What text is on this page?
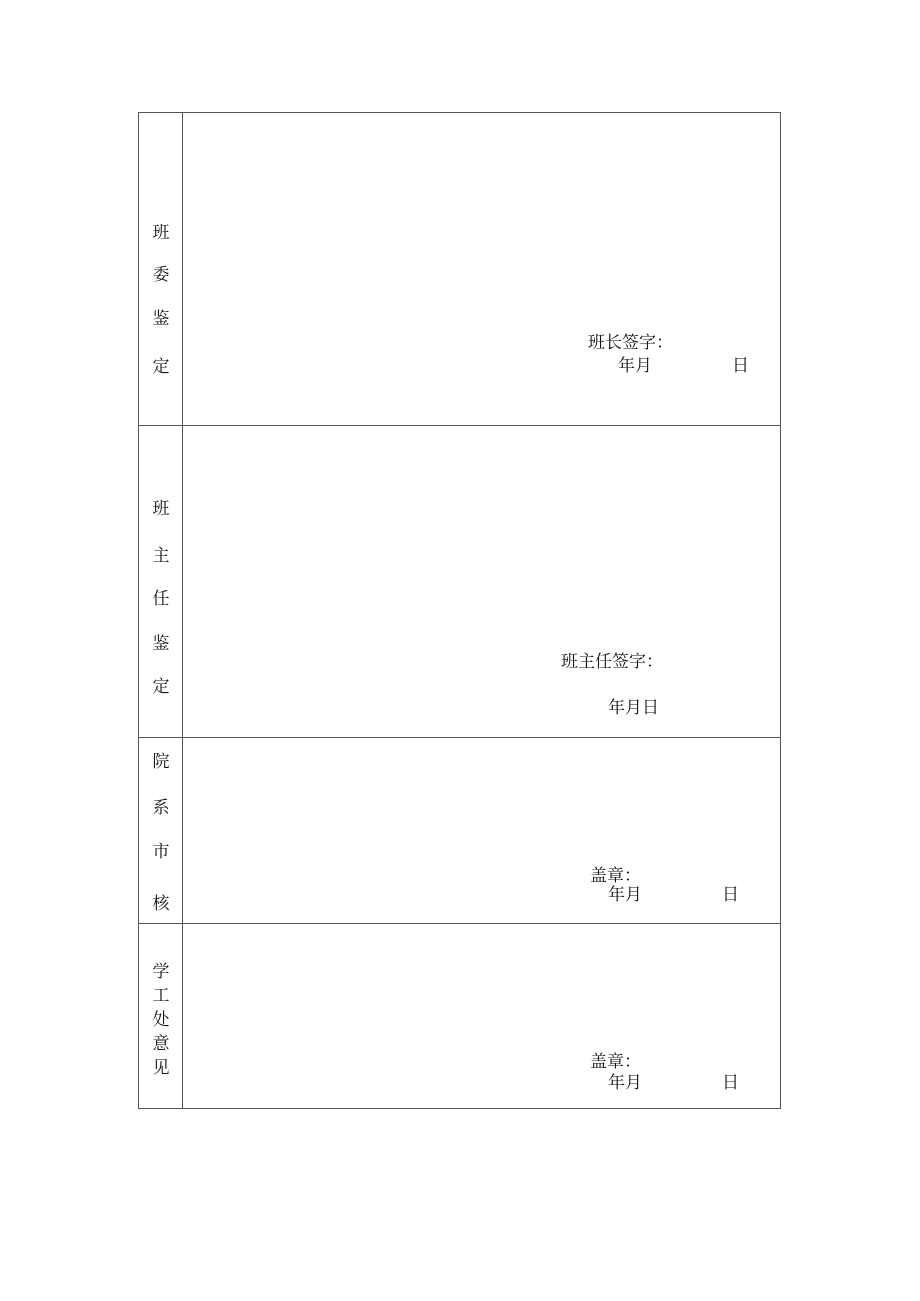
班
委
鉴
定
班长签字：
年月	日
班
主
任
鉴
定
班主任签字：
年月日
院
系
市
核
盖章：
年月	日
学
工
处
意
见	盖章：
年月	日
